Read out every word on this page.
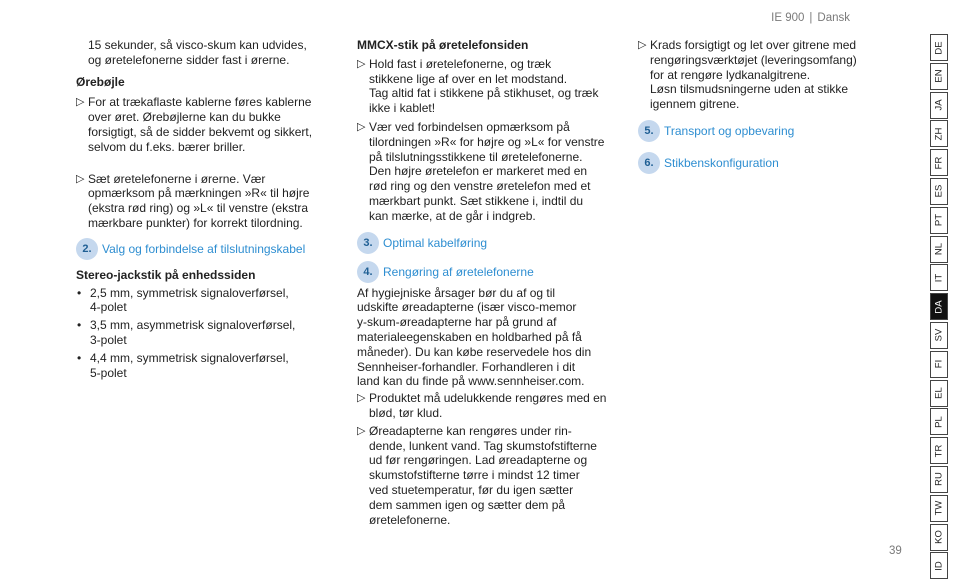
IE 900 | Dansk

15 sekunder, så visco-skum kan udvides,

og øretelefonerne sidder fast i ørerne.

Ørebøjle

▷ For at trækaflaste kablerne føres kablerne

over øret. Ørebøjlerne kan du bukke

forsigtigt, så de sidder bekvemt og sikkert,

selvom du f.eks. bærer briller.

▷ Sæt øretelefonerne i ørerne. Vær

opmærksom på mærkningen »R« til højre

(ekstra rød ring) og »L« til venstre (ekstra

mærkbare punkter) for korrekt tilordning.

2. Valg og forbindelse af tilslutningskabel

Stereo-jackstik på enhedssiden

• 2,5 mm, symmetrisk signaloverførsel,

4-polet

• 3,5 mm, asymmetrisk signaloverførsel,

3-polet

• 4,4 mm, symmetrisk signaloverførsel,

5-polet

MMCX-stik på øretelefonsiden

▷ Hold fast i øretelefonerne, og træk

stikkene lige af over en let modstand.

Tag altid fat i stikkene på stikhuset, og træk

ikke i kablet!

▷ Vær ved forbindelsen opmærksom på

tilordningen »R« for højre og »L« for venstre

på tilslutningsstikkene til øretelefonerne.

Den højre øretelefon er markeret med en

rød ring og den venstre øretelefon med et

mærkbart punkt. Sæt stikkene i, indtil du

kan mærke, at de går i indgreb.

3. Optimal kabelføring
4. Rengøring af øretelefonerne

Af hygiejniske årsager bør du af og til

udskifte øreadapterne (især visco-memor

y-skum-øreadapterne har på grund af

materialeegenskaben en holdbarhed på få

måneder). Du kan købe reservedele hos din

Sennheiser-forhandler. Forhandleren i dit

land kan du finde på www.sennheiser.com.

▷ Produktet må udelukkende rengøres med en

blød, tør klud.

▷ Øreadapterne kan rengøres under rin-

dende, lunkent vand. Tag skumstofstifterne

ud før rengøringen. Lad øreadapterne og

skumstofstifterne tørre i mindst 12 timer

ved stuetemperatur, før du igen sætter

dem sammen igen og sætter dem på

øretelefonerne.

▷ Krads forsigtigt og let over gitrene med

rengøringsværktøjet (leveringsomfang)

for at rengøre lydkanalgitrene.

Løsn tilsmudsningerne uden at stikke

igennem gitrene.

5. Transport og opbevaring
6. Stikbenskonfiguration
DE
EN
JA
ZH
FR
ES
PT
NL
IT
DA
SV
FI
EL
PL
TR
RU
TW
KO
ID
39
